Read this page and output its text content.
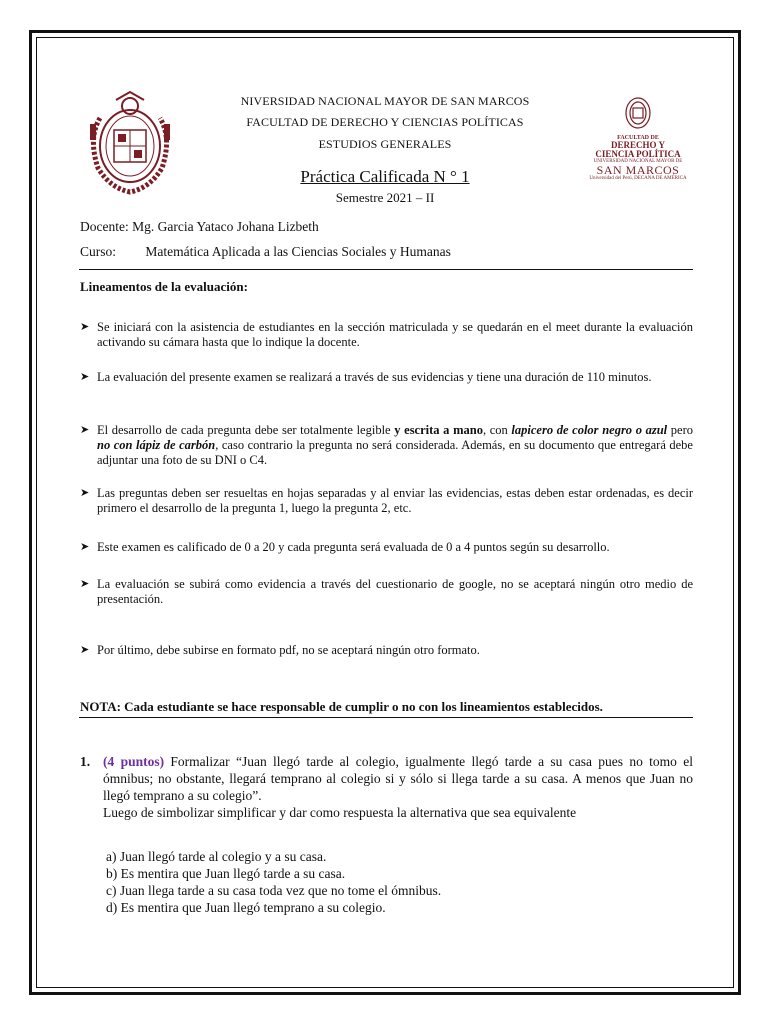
NIVERSIDAD NACIONAL MAYOR DE SAN MARCOS
FACULTAD DE DERECHO Y CIENCIAS POLÍTICAS
ESTUDIOS GENERALES
Práctica Calificada N ° 1
Semestre 2021 – II
FACULTAD DE
DERECHO Y
CIENCIA POLÍTICA
UNIVERSIDAD NACIONAL MAYOR DE
SAN MARCOS
Universidad del Perú, DECANA DE AMÉRICA
Docente: Mg. Garcia Yataco Johana Lizbeth
Curso: Matemática Aplicada a las Ciencias Sociales y Humanas
Lineamentos de la evaluación:
➤ Se iniciará con la asistencia de estudiantes en la sección matriculada y se quedarán en el meet durante la evaluación activando su cámara hasta que lo indique la docente.
➤ La evaluación del presente examen se realizará a través de sus evidencias y tiene una duración de 110 minutos.
➤ El desarrollo de cada pregunta debe ser totalmente legible y escrita a mano, con lapicero de color negro o azul pero no con lápiz de carbón, caso contrario la pregunta no será considerada. Además, en su documento que entregará debe adjuntar una foto de su DNI o C4.
➤ Las preguntas deben ser resueltas en hojas separadas y al enviar las evidencias, estas deben estar ordenadas, es decir primero el desarrollo de la pregunta 1, luego la pregunta 2, etc.
➤ Este examen es calificado de 0 a 20 y cada pregunta será evaluada de 0 a 4 puntos según su desarrollo.
➤ La evaluación se subirá como evidencia a través del cuestionario de google, no se aceptará ningún otro medio de presentación.
➤ Por último, debe subirse en formato pdf, no se aceptará ningún otro formato.
NOTA: Cada estudiante se hace responsable de cumplir o no con los lineamientos establecidos.
1. (4 puntos) Formalizar “Juan llegó tarde al colegio, igualmente llegó tarde a su casa pues no tomo el ómnibus; no obstante, llegará temprano al colegio si y sólo si llega tarde a su casa. A menos que Juan no llegó temprano a su colegio”.
Luego de simbolizar simplificar y dar como respuesta la alternativa que sea equivalente
a) Juan llegó tarde al colegio y a su casa.
b) Es mentira que Juan llegó tarde a su casa.
c) Juan llega tarde a su casa toda vez que no tome el ómnibus.
d) Es mentira que Juan llegó temprano a su colegio.
